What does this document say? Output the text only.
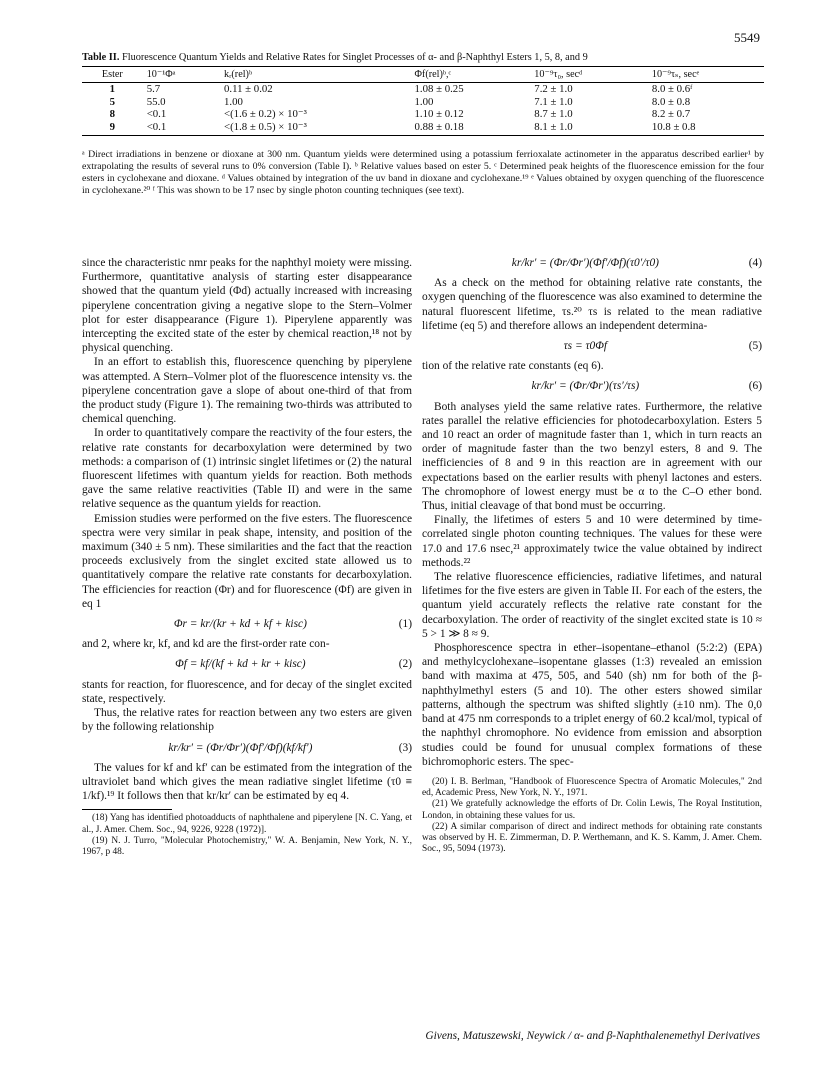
5549
Table II. Fluorescence Quantum Yields and Relative Rates for Singlet Processes of α- and β-Naphthyl Esters 1, 5, 8, and 9
Ester	10⁻¹Φᵃ	kᵣ(rel)ᵇ	Φf(rel)ᵇ,ᶜ	10⁻⁹τ₀, secᵈ	10⁻⁹τₛ, secᵉ
1	5.7	0.11 ± 0.02	1.08 ± 0.25	7.2 ± 1.0	8.0 ± 0.6ᶠ
5	55.0	1.00	1.00	7.1 ± 1.0	8.0 ± 0.8
8	<0.1	<(1.6 ± 0.2) × 10⁻³	1.10 ± 0.12	8.7 ± 1.0	8.2 ± 0.7
9	<0.1	<(1.8 ± 0.5) × 10⁻³	0.88 ± 0.18	8.1 ± 1.0	10.8 ± 0.8
ᵃ Direct irradiations in benzene or dioxane at 300 nm. Quantum yields were determined using a potassium ferrioxalate actinometer in the apparatus described earlier¹ by extrapolating the results of several runs to 0% conversion (Table I). ᵇ Relative values based on ester 5. ᶜ Determined peak heights of the fluorescence emission for the four esters in cyclohexane and dioxane. ᵈ Values obtained by integration of the uv band in dioxane and cyclohexane.¹⁹ ᵉ Values obtained by oxygen quenching of the fluorescence in cyclohexane.²⁰ ᶠ This was shown to be 17 nsec by single photon counting techniques (see text).

since the characteristic nmr peaks for the naphthyl moiety were missing. Furthermore, quantitative analysis of starting ester disappearance showed that the quantum yield (Φd) actually increased with increasing piperylene concentration giving a negative slope to the Stern–Volmer plot for ester disappearance (Figure 1). Piperylene apparently was intercepting the excited state of the ester by chemical reaction,¹⁸ not by physical quenching.

In an effort to establish this, fluorescence quenching by piperylene was attempted. A Stern–Volmer plot of the fluorescence intensity vs. the piperylene concentration gave a slope of about one-third of that from the product study (Figure 1). The remaining two-thirds was attributed to chemical quenching.

In order to quantitatively compare the reactivity of the four esters, the relative rate constants for decarboxylation were determined by two methods: a comparison of (1) intrinsic singlet lifetimes or (2) the natural fluorescent lifetimes with quantum yields for reaction. Both methods gave the same relative reactivities (Table II) and were in the same relative sequence as the quantum yields for reaction.

Emission studies were performed on the five esters. The fluorescence spectra were very similar in peak shape, intensity, and position of the maximum (340 ± 5 nm). These similarities and the fact that the reaction proceeds exclusively from the singlet excited state allowed us to quantitatively compare the relative rate constants for decarboxylation. The efficiencies for reaction (Φr) and for fluorescence (Φf) are given in eq 1

Φr = kr/(kr + kd + kf + kisc)	(1)

and 2, where kr, kf, and kd are the first-order rate con-

Φf = kf/(kf + kd + kr + kisc)	(2)

stants for reaction, for fluorescence, and for decay of the singlet excited state, respectively.

Thus, the relative rates for reaction between any two esters are given by the following relationship

kr/kr′ = (Φr/Φr′)(Φf′/Φf)(kf/kf′)	(3)

The values for kf and kf′ can be estimated from the integration of the ultraviolet band which gives the mean radiative singlet lifetime (τ0 ≡ 1/kf).¹⁹ It follows then that kr/kr′ can be estimated by eq 4.

(18) Yang has identified photoadducts of naphthalene and piperylene [N. C. Yang, et al., J. Amer. Chem. Soc., 94, 9226, 9228 (1972)].

(19) N. J. Turro, "Molecular Photochemistry," W. A. Benjamin, New York, N. Y., 1967, p 48.

kr/kr′ = (Φr/Φr′)(Φf′/Φf)(τ0′/τ0)	(4)

As a check on the method for obtaining relative rate constants, the oxygen quenching of the fluorescence was also examined to determine the natural fluorescent lifetime, τs.²⁰ τs is related to the mean radiative lifetime (eq 5) and therefore allows an independent determina-

τs = τ0Φf	(5)

tion of the relative rate constants (eq 6).

kr/kr′ = (Φr/Φr′)(τs′/τs)	(6)

Both analyses yield the same relative rates. Furthermore, the relative rates parallel the relative efficiencies for photodecarboxylation. Esters 5 and 10 react an order of magnitude faster than 1, which in turn reacts an order of magnitude faster than the two benzyl esters, 8 and 9. The inefficiencies of 8 and 9 in this reaction are in agreement with our expectations based on the earlier results with phenyl lactones and esters. The chromophore of lowest energy must be α to the C–O ether bond. Thus, initial cleavage of that bond must be occurring.

Finally, the lifetimes of esters 5 and 10 were determined by time-correlated single photon counting techniques. The values for these were 17.0 and 17.6 nsec,²¹ approximately twice the value obtained by indirect methods.²²

The relative fluorescence efficiencies, radiative lifetimes, and natural lifetimes for the five esters are given in Table II. For each of the esters, the quantum yield accurately reflects the relative rate constant for the decarboxylation. The order of reactivity of the singlet excited state is 10 ≈ 5 > 1 ≫ 8 ≈ 9.

Phosphorescence spectra in ether–isopentane–ethanol (5:2:2) (EPA) and methylcyclohexane–isopentane glasses (1:3) revealed an emission band with maxima at 475, 505, and 540 (sh) nm for both of the β-naphthylmethyl esters (5 and 10). The other esters showed similar patterns, although the spectrum was shifted slightly (±10 nm). The 0,0 band at 475 nm corresponds to a triplet energy of 60.2 kcal/mol, typical of the naphthyl chromophore. No evidence from emission and absorption studies could be found for unusual complex formations of these bichromophoric esters. The spec-

(20) I. B. Berlman, "Handbook of Fluorescence Spectra of Aromatic Molecules," 2nd ed, Academic Press, New York, N. Y., 1971.

(21) We gratefully acknowledge the efforts of Dr. Colin Lewis, The Royal Institution, London, in obtaining these values for us.

(22) A similar comparison of direct and indirect methods for obtaining rate constants was observed by H. E. Zimmerman, D. P. Werthemann, and K. S. Kamm, J. Amer. Chem. Soc., 95, 5094 (1973).

Givens, Matuszewski, Neywick / α- and β-Naphthalenemethyl Derivatives
